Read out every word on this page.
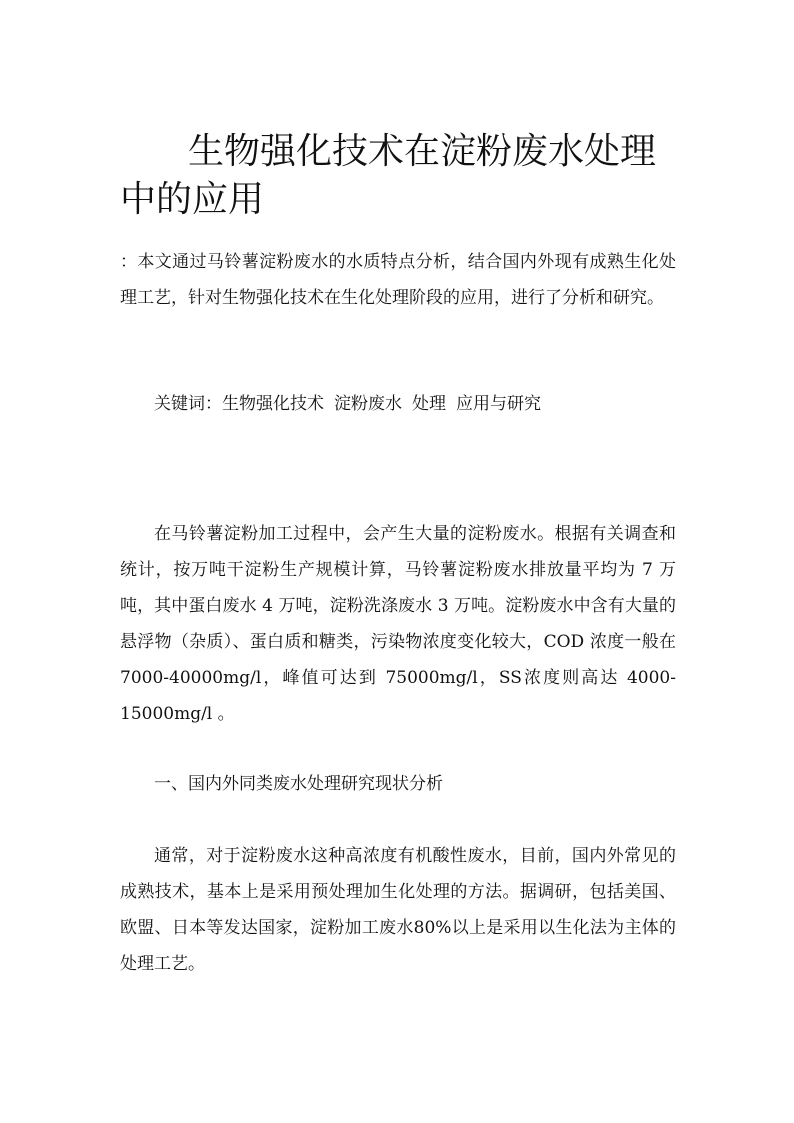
生物强化技术在淀粉废水处理中的应用

：本文通过马铃薯淀粉废水的水质特点分析，结合国内外现有成熟生化处理工艺，针对生物强化技术在生化处理阶段的应用，进行了分析和研究。

关键词：生物强化技术 淀粉废水 处理 应用与研究

在马铃薯淀粉加工过程中，会产生大量的淀粉废水。根据有关调查和统计，按万吨干淀粉生产规模计算，马铃薯淀粉废水排放量平均为 7 万吨，其中蛋白废水 4 万吨，淀粉洗涤废水 3 万吨。淀粉废水中含有大量的悬浮物（杂质）、蛋白质和糖类，污染物浓度变化较大，COD 浓度一般在 7000-40000mg/l，峰值可达到 75000mg/l，SS浓度则高达 4000-15000mg/l 。

一、国内外同类废水处理研究现状分析

通常，对于淀粉废水这种高浓度有机酸性废水，目前，国内外常见的成熟技术，基本上是采用预处理加生化处理的方法。据调研，包括美国、欧盟、日本等发达国家，淀粉加工废水80%以上是采用以生化法为主体的处理工艺。
